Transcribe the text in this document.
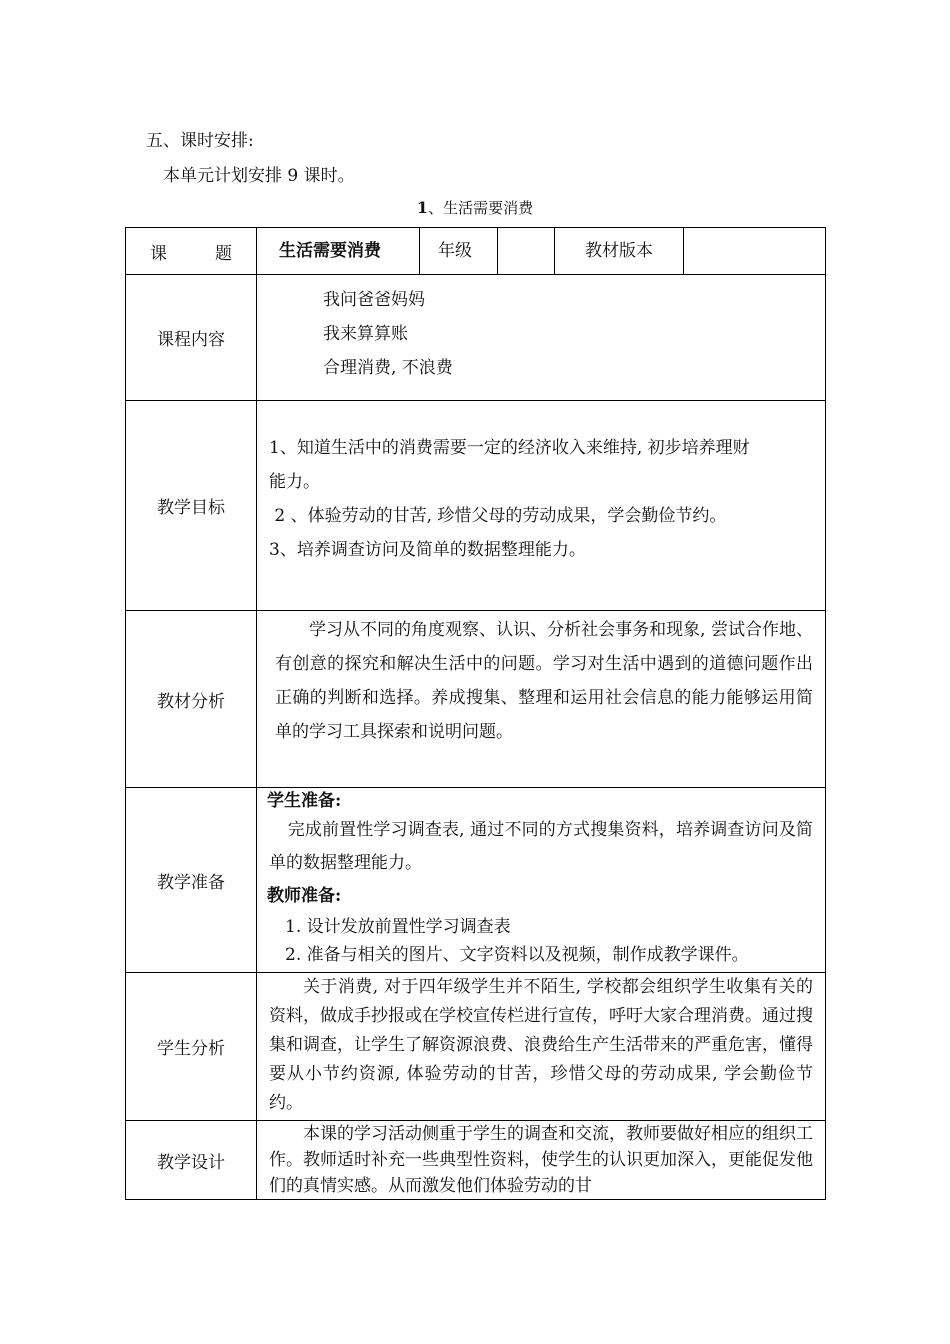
五、课时安排:
本单元计划安排 9 课时。
1、生活需要消费
课 题	生活需要消费	年级		教材版本	
课程内容	我问爸爸妈妈
我来算算账
合理消费, 不浪费				

教学目标	1、知道生活中的消费需要一定的经济收入来维持, 初步培养理财
能力。
2 、体验劳动的甘苦, 珍惜父母的劳动成果，学会勤俭节约。
3、培养调查访问及简单的数据整理能力。				

教材分析	学习从不同的角度观察、认识、分析社会事务和现象, 尝试合作地、有创意的探究和解决生活中的问题。学习对生活中遇到的道德问题作出正确的判断和选择。养成搜集、整理和运用社会信息的能力能够运用简单的学习工具探索和说明问题。				

教学准备	学生准备:
完成前置性学习调查表, 通过不同的方式搜集资料，培养调查访问及简单的数据整理能力。
教师准备:
1. 设计发放前置性学习调查表
2. 准备与相关的图片、文字资料以及视频，制作成教学课件。				

学生分析	关于消费, 对于四年级学生并不陌生, 学校都会组织学生收集有关的资料，做成手抄报或在学校宣传栏进行宣传，呼吁大家合理消费。通过搜集和调查，让学生了解资源浪费、浪费给生产生活带来的严重危害，懂得要从小节约资源, 体验劳动的甘苦，珍惜父母的劳动成果, 学会勤俭节约。				

教学设计	本课的学习活动侧重于学生的调查和交流，教师要做好相应的组织工作。教师适时补充一些典型性资料，使学生的认识更加深入，更能促发他们的真情实感。从而激发他们体验劳动的甘				
